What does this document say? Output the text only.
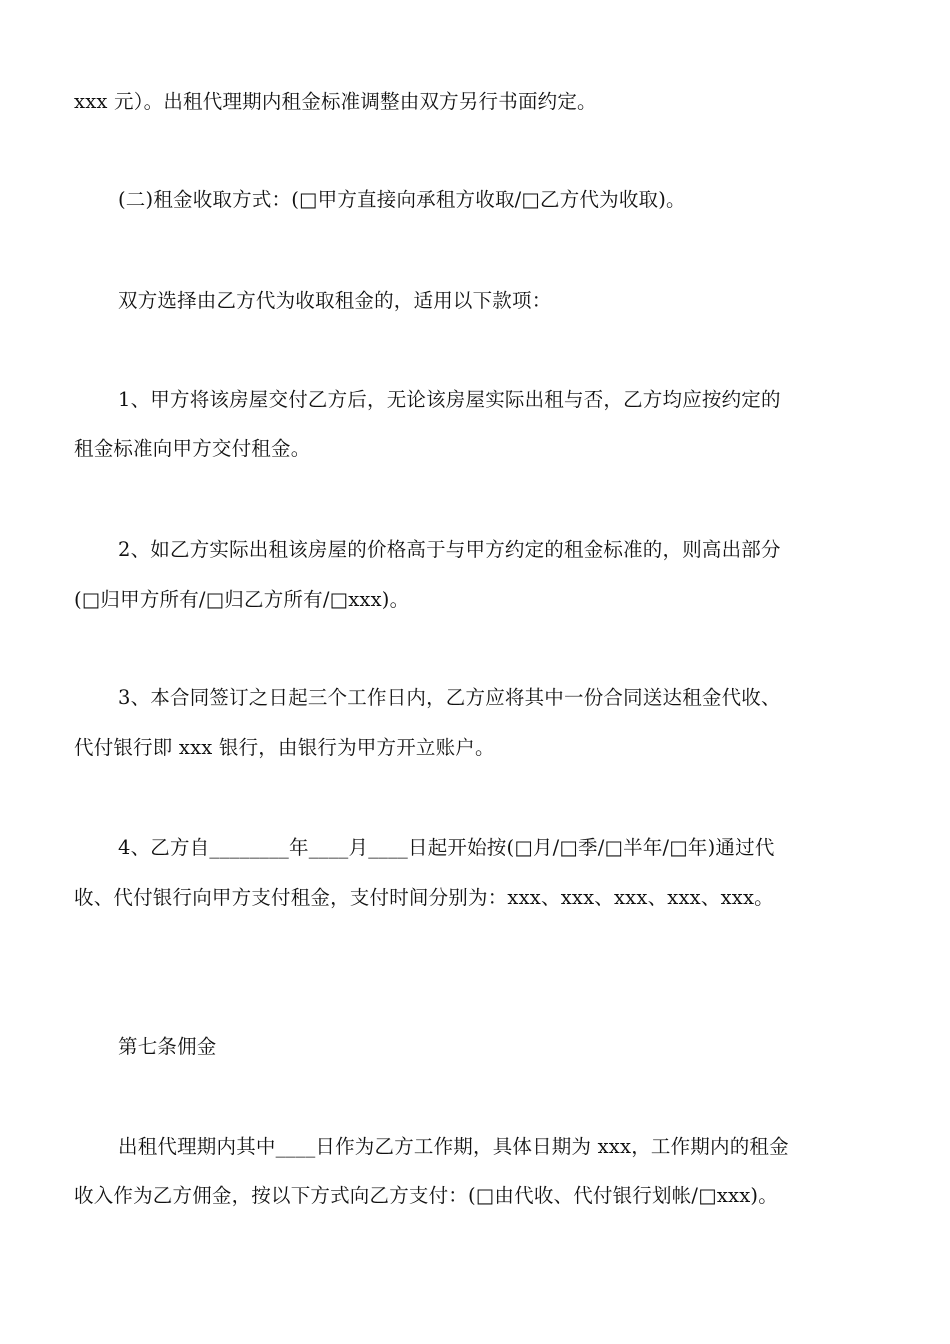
xxx 元）。出租代理期内租金标准调整由双方另行书面约定。
(二)租金收取方式：(□甲方直接向承租方收取/□乙方代为收取)。
双方选择由乙方代为收取租金的，适用以下款项：
1、甲方将该房屋交付乙方后，无论该房屋实际出租与否，乙方均应按约定的
租金标准向甲方交付租金。
2、如乙方实际出租该房屋的价格高于与甲方约定的租金标准的，则高出部分
(□归甲方所有/□归乙方所有/□xxx)。
3、本合同签订之日起三个工作日内，乙方应将其中一份合同送达租金代收、
代付银行即 xxx 银行，由银行为甲方开立账户。
4、乙方自________年____月____日起开始按(□月/□季/□半年/□年)通过代
收、代付银行向甲方支付租金，支付时间分别为：xxx、xxx、xxx、xxx、xxx。
第七条佣金
出租代理期内其中____日作为乙方工作期，具体日期为 xxx，工作期内的租金
收入作为乙方佣金，按以下方式向乙方支付：(□由代收、代付银行划帐/□xxx)。
